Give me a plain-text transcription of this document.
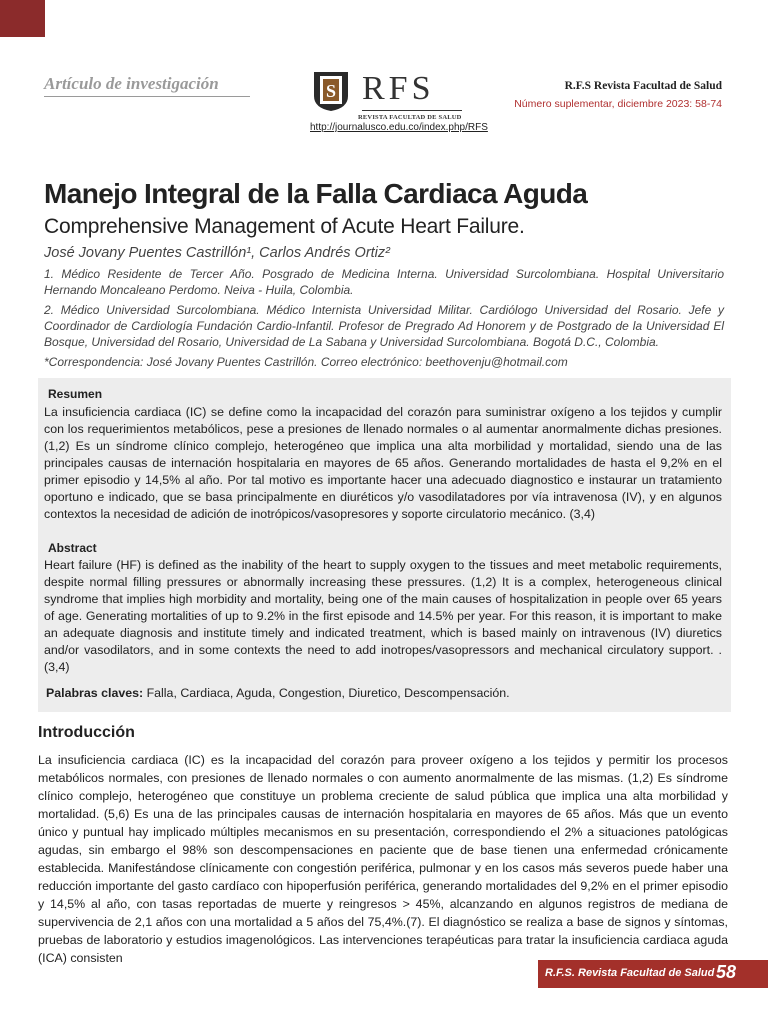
Artículo de investigación	S RFS
REVISTA FACULTAD DE SALUD
http://journalusco.edu.co/index.php/RFS
R.F.S Revista Facultad de Salud
Número suplementar, diciembre 2023: 58-74
Manejo Integral de la Falla Cardiaca Aguda
Comprehensive Management of Acute Heart Failure.
José Jovany Puentes Castrillón¹, Carlos Andrés Ortiz²
1. Médico Residente de Tercer Año. Posgrado de Medicina Interna. Universidad Surcolombiana. Hospital Universitario Hernando Moncaleano Perdomo. Neiva - Huila, Colombia.
2. Médico Universidad Surcolombiana. Médico Internista Universidad Militar. Cardiólogo Universidad del Rosario. Jefe y Coordinador de Cardiología Fundación Cardio-Infantil. Profesor de Pregrado Ad Honorem y de Postgrado de la Universidad El Bosque, Universidad del Rosario, Universidad de La Sabana y Universidad Surcolombiana. Bogotá D.C., Colombia.
*Correspondencia: José Jovany Puentes Castrillón. Correo electrónico: beethovenju@hotmail.com
Resumen
La insuficiencia cardiaca (IC) se define como la incapacidad del corazón para suministrar oxígeno a los tejidos y cumplir con los requerimientos metabólicos, pese a presiones de llenado normales o al aumentar anormalmente dichas presiones. (1,2) Es un síndrome clínico complejo, heterogéneo que implica una alta morbilidad y mortalidad, siendo una de las principales causas de internación hospitalaria en mayores de 65 años. Generando mortalidades de hasta el 9,2% en el primer episodio y 14,5% al año. Por tal motivo es importante hacer una adecuado diagnostico e instaurar un tratamiento oportuno e indicado, que se basa principalmente en diuréticos y/o vasodilatadores por vía intravenosa (IV), y en algunos contextos la necesidad de adición de inotrópicos/vasopresores y soporte circulatorio mecánico. (3,4)
Abstract
Heart failure (HF) is defined as the inability of the heart to supply oxygen to the tissues and meet metabolic requirements, despite normal filling pressures or abnormally increasing these pressures. (1,2) It is a complex, heterogeneous clinical syndrome that implies high morbidity and mortality, being one of the main causes of hospitalization in people over 65 years of age. Generating mortalities of up to 9.2% in the first episode and 14.5% per year. For this reason, it is important to make an adequate diagnosis and institute timely and indicated treatment, which is based mainly on intravenous (IV) diuretics and/or vasodilators, and in some contexts the need to add inotropes/vasopressors and mechanical circulatory support. . (3,4)
Palabras claves: Falla, Cardiaca, Aguda, Congestion, Diuretico, Descompensación.
Introducción
La insuficiencia cardiaca (IC) es la incapacidad del corazón para proveer oxígeno a los tejidos y permitir los procesos metabólicos normales, con presiones de llenado normales o con aumento anormalmente de las mismas. (1,2) Es síndrome clínico complejo, heterogéneo que constituye un problema creciente de salud pública que implica una alta morbilidad y mortalidad. (5,6) Es una de las principales causas de internación hospitalaria en mayores de 65 años. Más que un evento único y puntual hay implicado múltiples mecanismos en su presentación, correspondiendo el 2% a situaciones patológicas agudas, sin embargo el 98% son descompensaciones en paciente que de base tienen una enfermedad crónicamente establecida. Manifestándose clínicamente con congestión periférica, pulmonar y en los casos más severos puede haber una reducción importante del gasto cardíaco con hipoperfusión periférica, generando mortalidades del 9,2% en el primer episodio y 14,5% al año, con tasas reportadas de muerte y reingresos > 45%, alcanzando en algunos registros de mediana de supervivencia de 2,1 años con una mortalidad a 5 años del 75,4%.(7). El diagnóstico se realiza a base de signos y síntomas, pruebas de laboratorio y estudios imagenológicos. Las intervenciones terapéuticas para tratar la insuficiencia cardiaca aguda (ICA) consisten
R.F.S. Revista Facultad de Salud 58
